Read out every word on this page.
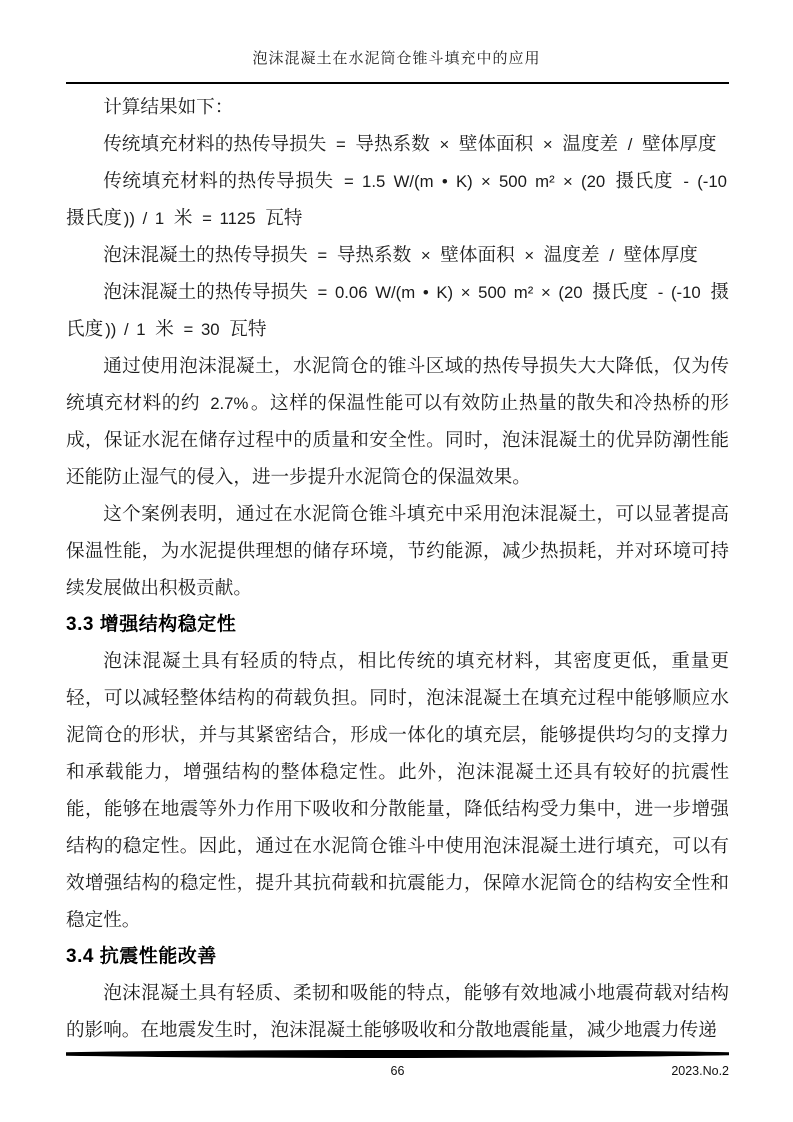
泡沫混凝土在水泥筒仓锥斗填充中的应用

计算结果如下：

传统填充材料的热传导损失 = 导热系数 × 壁体面积 × 温度差 / 壁体厚度

传统填充材料的热传导损失 = 1.5 W/(m • K) × 500 m² × (20 摄氏度 - (-10 摄氏度 )) / 1 米 = 1125 瓦特

泡沫混凝土的热传导损失 = 导热系数 × 壁体面积 × 温度差 / 壁体厚度

泡沫混凝土的热传导损失 = 0.06 W/(m • K) × 500 m² × (20 摄氏度 - (-10 摄氏度 )) / 1 米 = 30 瓦特

通过使用泡沫混凝土，水泥筒仓的锥斗区域的热传导损失大大降低，仅为传统填充材料的约 2.7% 。这样的保温性能可以有效防止热量的散失和冷热桥的形成，保证水泥在储存过程中的质量和安全性。同时，泡沫混凝土的优异防潮性能还能防止湿气的侵入，进一步提升水泥筒仓的保温效果。

这个案例表明，通过在水泥筒仓锥斗填充中采用泡沫混凝土，可以显著提高保温性能，为水泥提供理想的储存环境，节约能源，减少热损耗，并对环境可持续发展做出积极贡献。

3.3 增强结构稳定性

泡沫混凝土具有轻质的特点，相比传统的填充材料，其密度更低，重量更轻，可以减轻整体结构的荷载负担。同时，泡沫混凝土在填充过程中能够顺应水泥筒仓的形状，并与其紧密结合，形成一体化的填充层，能够提供均匀的支撑力和承载能力，增强结构的整体稳定性。此外，泡沫混凝土还具有较好的抗震性能，能够在地震等外力作用下吸收和分散能量，降低结构受力集中，进一步增强结构的稳定性。因此，通过在水泥筒仓锥斗中使用泡沫混凝土进行填充，可以有效增强结构的稳定性，提升其抗荷载和抗震能力，保障水泥筒仓的结构安全性和稳定性。

3.4 抗震性能改善

泡沫混凝土具有轻质、柔韧和吸能的特点，能够有效地减小地震荷载对结构的影响。在地震发生时，泡沫混凝土能够吸收和分散地震能量，减少地震力传递

66	2023.No.2
